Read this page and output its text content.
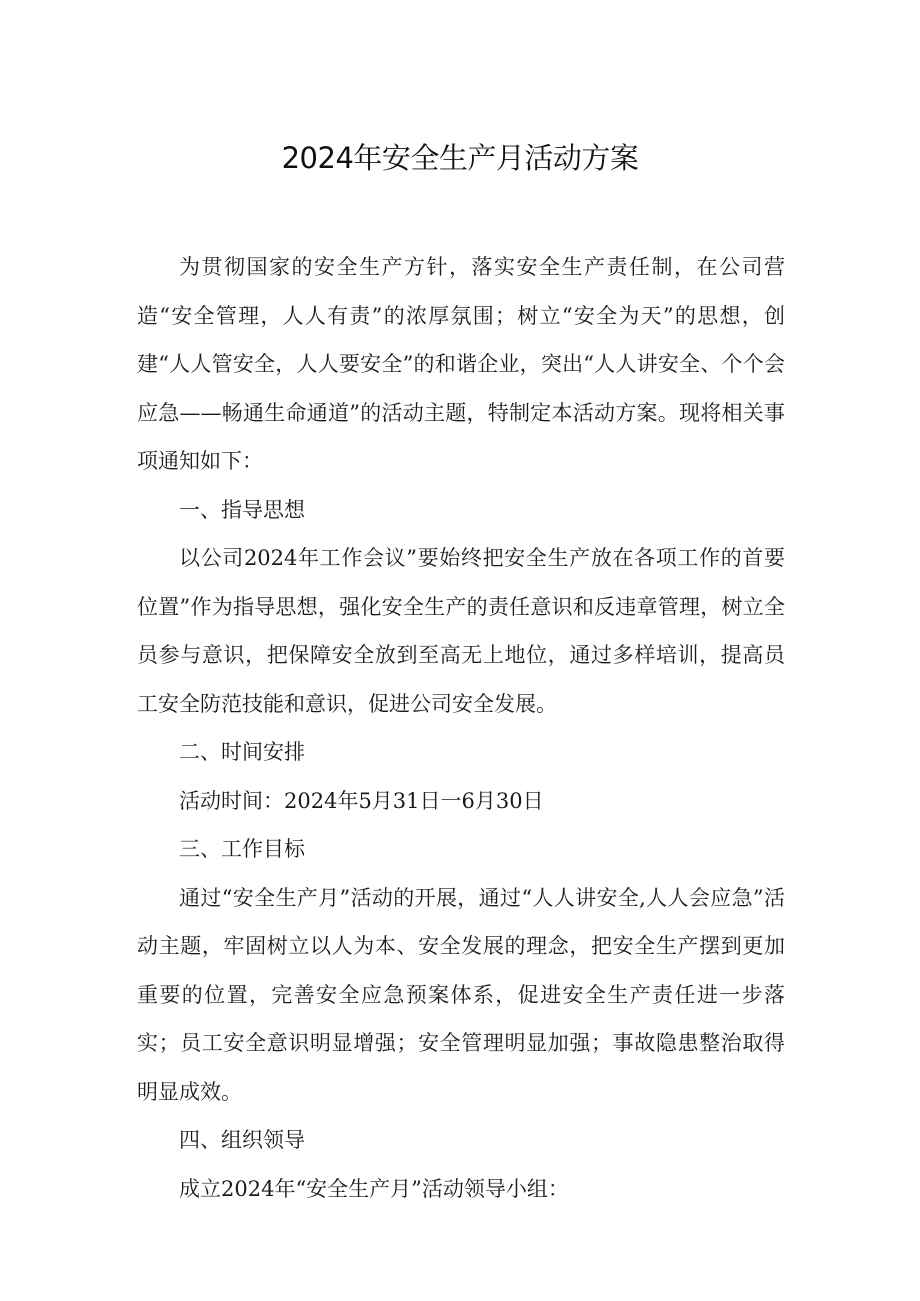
2024年安全生产月活动方案

为贯彻国家的安全生产方针，落实安全生产责任制，在公司营造“安全管理，人人有责”的浓厚氛围；树立“安全为天”的思想，创建“人人管安全，人人要安全”的和谐企业，突出“人人讲安全、个个会应急——畅通生命通道”的活动主题，特制定本活动方案。现将相关事项通知如下：

一、指导思想

以公司2024年工作会议”要始终把安全生产放在各项工作的首要位置”作为指导思想，强化安全生产的责任意识和反违章管理，树立全员参与意识，把保障安全放到至高无上地位，通过多样培训，提高员工安全防范技能和意识，促进公司安全发展。

二、时间安排

活动时间：2024年5月31日一6月30日

三、工作目标

通过“安全生产月”活动的开展，通过“人人讲安全,人人会应急”活动主题，牢固树立以人为本、安全发展的理念，把安全生产摆到更加重要的位置，完善安全应急预案体系，促进安全生产责任进一步落实；员工安全意识明显增强；安全管理明显加强；事故隐患整治取得明显成效。

四、组织领导

成立2024年“安全生产月”活动领导小组：
